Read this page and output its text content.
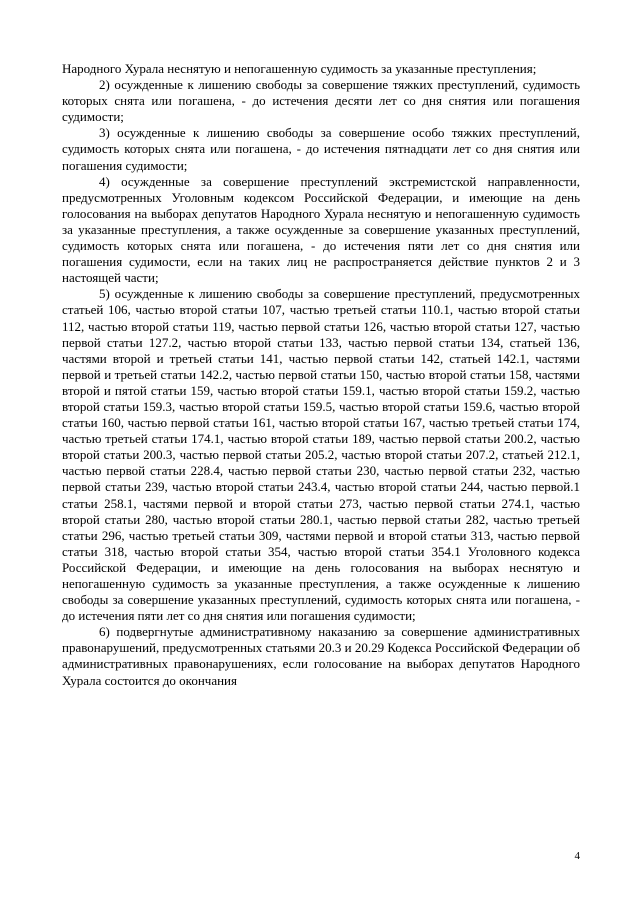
Народного Хурала неснятую и непогашенную судимость за указанные преступления;

2) осужденные к лишению свободы за совершение тяжких преступлений, судимость которых снята или погашена, - до истечения десяти лет со дня снятия или погашения судимости;

3) осужденные к лишению свободы за совершение особо тяжких преступлений, судимость которых снята или погашена, - до истечения пятнадцати лет со дня снятия или погашения судимости;

4) осужденные за совершение преступлений экстремистской направленности, предусмотренных Уголовным кодексом Российской Федерации, и имеющие на день голосования на выборах депутатов Народного Хурала неснятую и непогашенную судимость за указанные преступления, а также осужденные за совершение указанных преступлений, судимость которых снята или погашена, - до истечения пяти лет со дня снятия или погашения судимости, если на таких лиц не распространяется действие пунктов 2 и 3 настоящей части;

5) осужденные к лишению свободы за совершение преступлений, предусмотренных статьей 106, частью второй статьи 107, частью третьей статьи 110.1, частью второй статьи 112, частью второй статьи 119, частью первой статьи 126, частью второй статьи 127, частью первой статьи 127.2, частью второй статьи 133, частью первой статьи 134, статьей 136, частями второй и третьей статьи 141, частью первой статьи 142, статьей 142.1, частями первой и третьей статьи 142.2, частью первой статьи 150, частью второй статьи 158, частями второй и пятой статьи 159, частью второй статьи 159.1, частью второй статьи 159.2, частью второй статьи 159.3, частью второй статьи 159.5, частью второй статьи 159.6, частью второй статьи 160, частью первой статьи 161, частью второй статьи 167, частью третьей статьи 174, частью третьей статьи 174.1, частью второй статьи 189, частью первой статьи 200.2, частью второй статьи 200.3, частью первой статьи 205.2, частью второй статьи 207.2, статьей 212.1, частью первой статьи 228.4, частью первой статьи 230, частью первой статьи 232, частью первой статьи 239, частью второй статьи 243.4, частью второй статьи 244, частью первой.1 статьи 258.1, частями первой и второй статьи 273, частью первой статьи 274.1, частью второй статьи 280, частью второй статьи 280.1, частью первой статьи 282, частью третьей статьи 296, частью третьей статьи 309, частями первой и второй статьи 313, частью первой статьи 318, частью второй статьи 354, частью второй статьи 354.1 Уголовного кодекса Российской Федерации, и имеющие на день голосования на выборах неснятую и непогашенную судимость за указанные преступления, а также осужденные к лишению свободы за совершение указанных преступлений, судимость которых снята или погашена, - до истечения пяти лет со дня снятия или погашения судимости;

6) подвергнутые административному наказанию за совершение административных правонарушений, предусмотренных статьями 20.3 и 20.29 Кодекса Российской Федерации об административных правонарушениях, если голосование на выборах депутатов Народного Хурала состоится до окончания

4
